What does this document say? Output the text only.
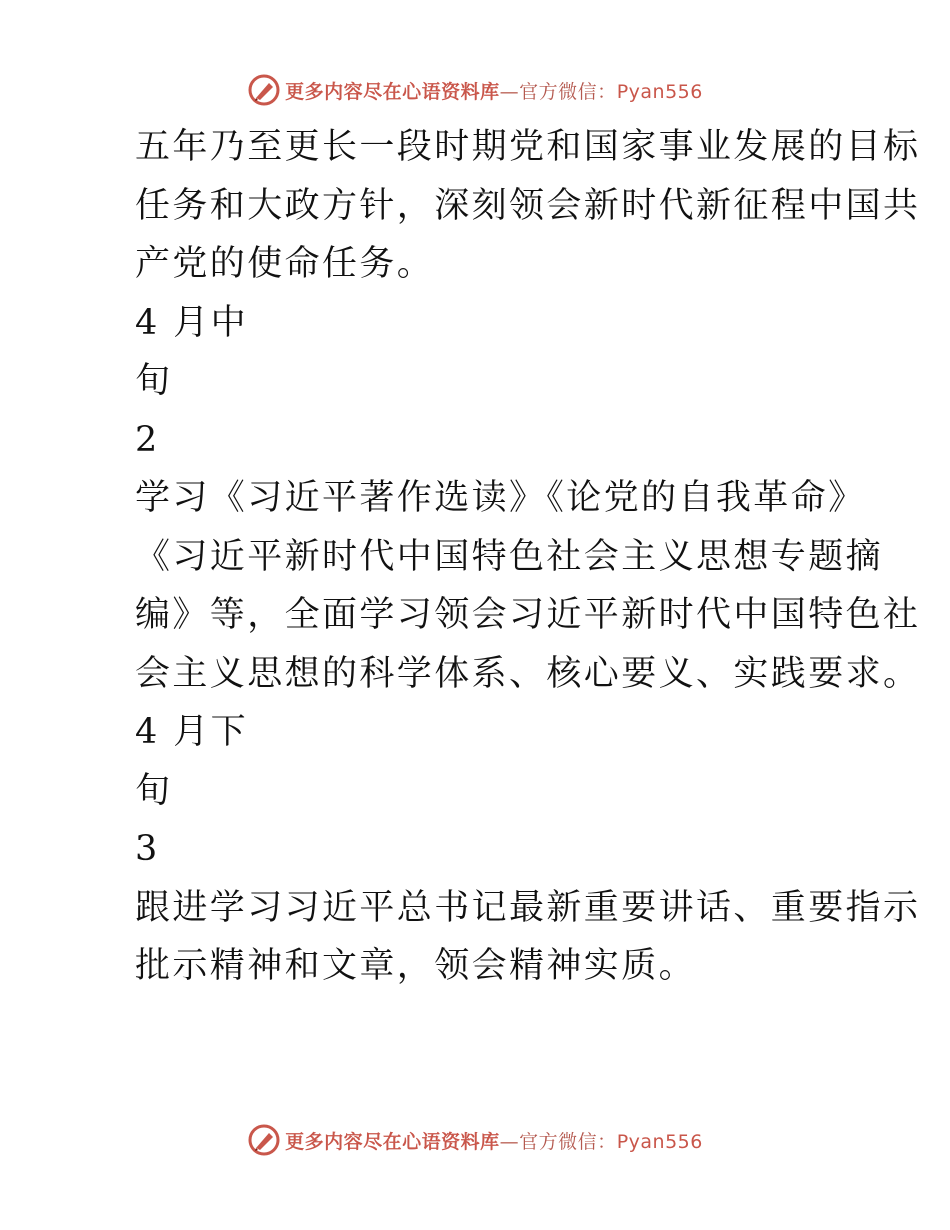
更多内容尽在心语资料库—官方微信：Pyan556
五年乃至更长一段时期党和国家事业发展的目标
任务和大政方针，深刻领会新时代新征程中国共
产党的使命任务。
4 月中
旬
2
学习《习近平著作选读》《论党的自我革命》
《习近平新时代中国特色社会主义思想专题摘
编》等，全面学习领会习近平新时代中国特色社
会主义思想的科学体系、核心要义、实践要求。
4 月下
旬
3
跟进学习习近平总书记最新重要讲话、重要指示
批示精神和文章，领会精神实质。
更多内容尽在心语资料库—官方微信：Pyan556
